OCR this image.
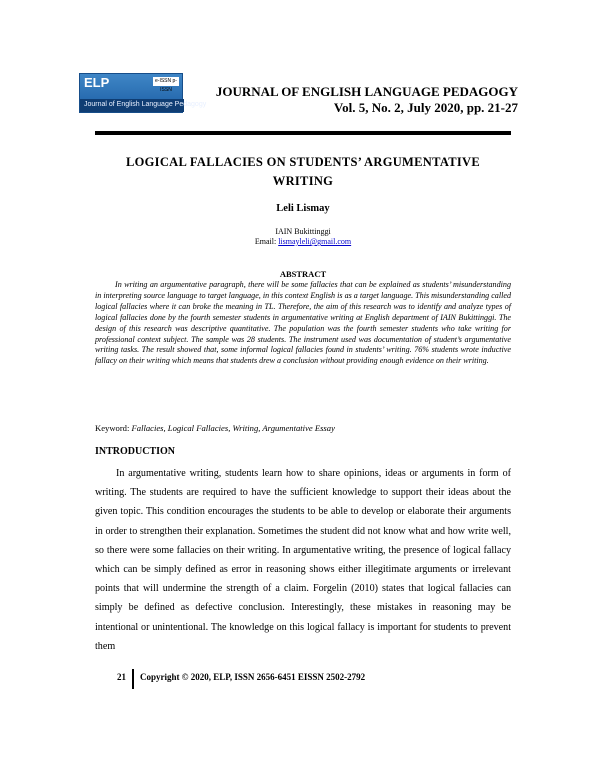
ELP	e-ISSN p-ISSN
Journal of English Language Pedagogy
JOURNAL OF ENGLISH LANGUAGE PEDAGOGY
Vol. 5, No. 2, July 2020, pp. 21-27
LOGICAL FALLACIES ON STUDENTS’ ARGUMENTATIVE WRITING
Leli Lismay
IAIN Bukittinggi
Email: lismayleli@gmail.com
ABSTRACT

In writing an argumentative paragraph, there will be some fallacies that can be explained as students’ misunderstanding in interpreting source language to target language, in this context English is as a target language. This misunderstanding called logical fallacies where it can broke the meaning in TL. Therefore, the aim of this research was to identify and analyze types of logical fallacies done by the fourth semester students in argumentative writing at English department of IAIN Bukittinggi. The design of this research was descriptive quantitative. The population was the fourth semester students who take writing for professional context subject. The sample was 28 students. The instrument used was documentation of student’s argumentative writing tasks. The result showed that, some informal logical fallacies found in students’ writing. 76% students wrote inductive fallacy on their writing which means that students drew a conclusion without providing enough evidence on their writing.

Keyword: Fallacies, Logical Fallacies, Writing, Argumentative Essay
INTRODUCTION

In argumentative writing, students learn how to share opinions, ideas or arguments in form of writing. The students are required to have the sufficient knowledge to support their ideas about the given topic. This condition encourages the students to be able to develop or elaborate their arguments in order to strengthen their explanation. Sometimes the student did not know what and how write well, so there were some fallacies on their writing. In argumentative writing, the presence of logical fallacy which can be simply defined as error in reasoning shows either illegitimate arguments or irrelevant points that will undermine the strength of a claim. Forgelin (2010) states that logical fallacies can simply be defined as defective conclusion. Interestingly, these mistakes in reasoning may be intentional or unintentional. The knowledge on this logical fallacy is important for students to prevent them

21 Copyright © 2020, ELP, ISSN 2656-6451 EISSN 2502-2792
